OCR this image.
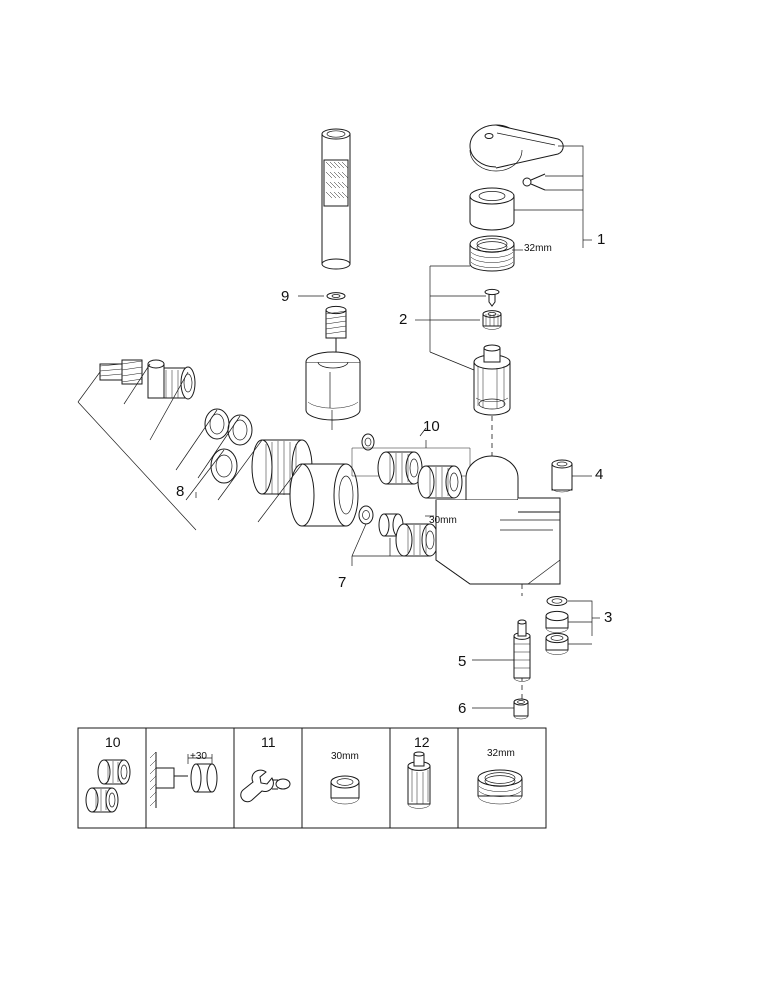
1
2
3
4
5
6
7
8
9
10
32mm
30mm
10
+30
11
30mm
12
32mm
